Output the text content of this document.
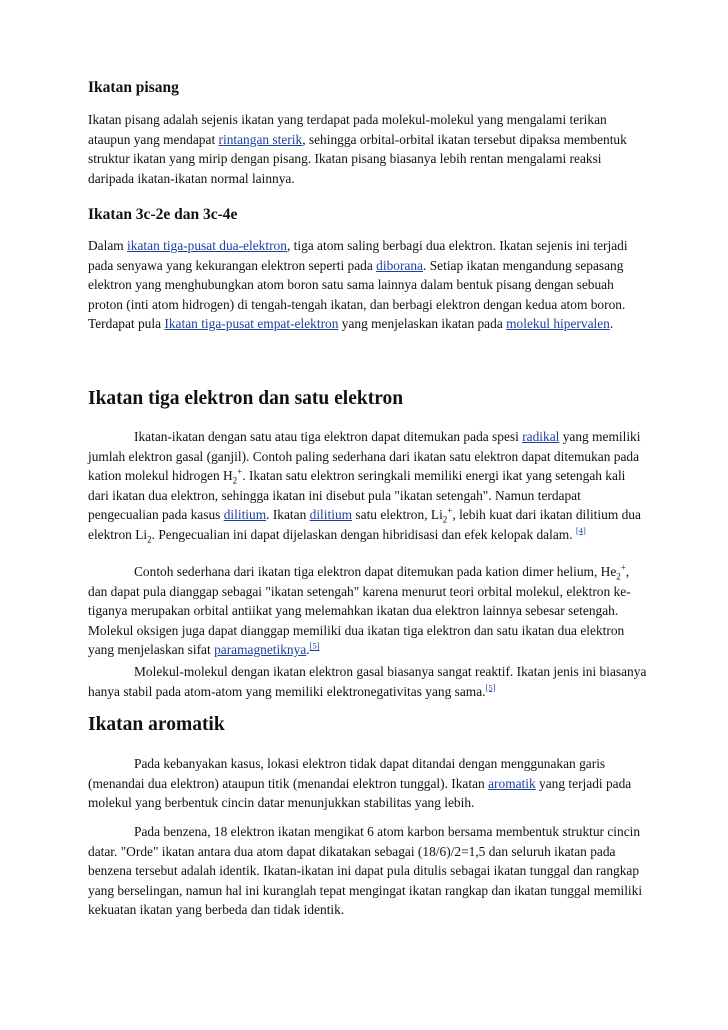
Ikatan pisang

Ikatan pisang adalah sejenis ikatan yang terdapat pada molekul-molekul yang mengalami terikan ataupun yang mendapat rintangan sterik, sehingga orbital-orbital ikatan tersebut dipaksa membentuk struktur ikatan yang mirip dengan pisang. Ikatan pisang biasanya lebih rentan mengalami reaksi daripada ikatan-ikatan normal lainnya.

Ikatan 3c-2e dan 3c-4e

Dalam ikatan tiga-pusat dua-elektron, tiga atom saling berbagi dua elektron. Ikatan sejenis ini terjadi pada senyawa yang kekurangan elektron seperti pada diborana. Setiap ikatan mengandung sepasang elektron yang menghubungkan atom boron satu sama lainnya dalam bentuk pisang dengan sebuah proton (inti atom hidrogen) di tengah-tengah ikatan, dan berbagi elektron dengan kedua atom boron. Terdapat pula Ikatan tiga-pusat empat-elektron yang menjelaskan ikatan pada molekul hipervalen.

Ikatan tiga elektron dan satu elektron

Ikatan-ikatan dengan satu atau tiga elektron dapat ditemukan pada spesi radikal yang memiliki jumlah elektron gasal (ganjil). Contoh paling sederhana dari ikatan satu elektron dapat ditemukan pada kation molekul hidrogen $H_2^+$. Ikatan satu elektron seringkali memiliki energi ikat yang setengah kali dari ikatan dua elektron, sehingga ikatan ini disebut pula "ikatan setengah". Namun terdapat pengecualian pada kasus dilitium. Ikatan dilitium satu elektron, $Li_2^+$, lebih kuat dari ikatan dilitium dua elektron $Li_2$. Pengecualian ini dapat dijelaskan dengan hibridisasi dan efek kelopak dalam. [4]

Contoh sederhana dari ikatan tiga elektron dapat ditemukan pada kation dimer helium, $He_2^+$, dan dapat pula dianggap sebagai "ikatan setengah" karena menurut teori orbital molekul, elektron ke-tiganya merupakan orbital antiikat yang melemahkan ikatan dua elektron lainnya sebesar setengah. Molekul oksigen juga dapat dianggap memiliki dua ikatan tiga elektron dan satu ikatan dua elektron yang menjelaskan sifat paramagnetiknya.[5]

Molekul-molekul dengan ikatan elektron gasal biasanya sangat reaktif. Ikatan jenis ini biasanya hanya stabil pada atom-atom yang memiliki elektronegativitas yang sama.[5]

Ikatan aromatik

Pada kebanyakan kasus, lokasi elektron tidak dapat ditandai dengan menggunakan garis (menandai dua elektron) ataupun titik (menandai elektron tunggal). Ikatan aromatik yang terjadi pada molekul yang berbentuk cincin datar menunjukkan stabilitas yang lebih.

Pada benzena, 18 elektron ikatan mengikat 6 atom karbon bersama membentuk struktur cincin datar. "Orde" ikatan antara dua atom dapat dikatakan sebagai (18/6)/2=1,5 dan seluruh ikatan pada benzena tersebut adalah identik. Ikatan-ikatan ini dapat pula ditulis sebagai ikatan tunggal dan rangkap yang berselingan, namun hal ini kuranglah tepat mengingat ikatan rangkap dan ikatan tunggal memiliki kekuatan ikatan yang berbeda dan tidak identik.
